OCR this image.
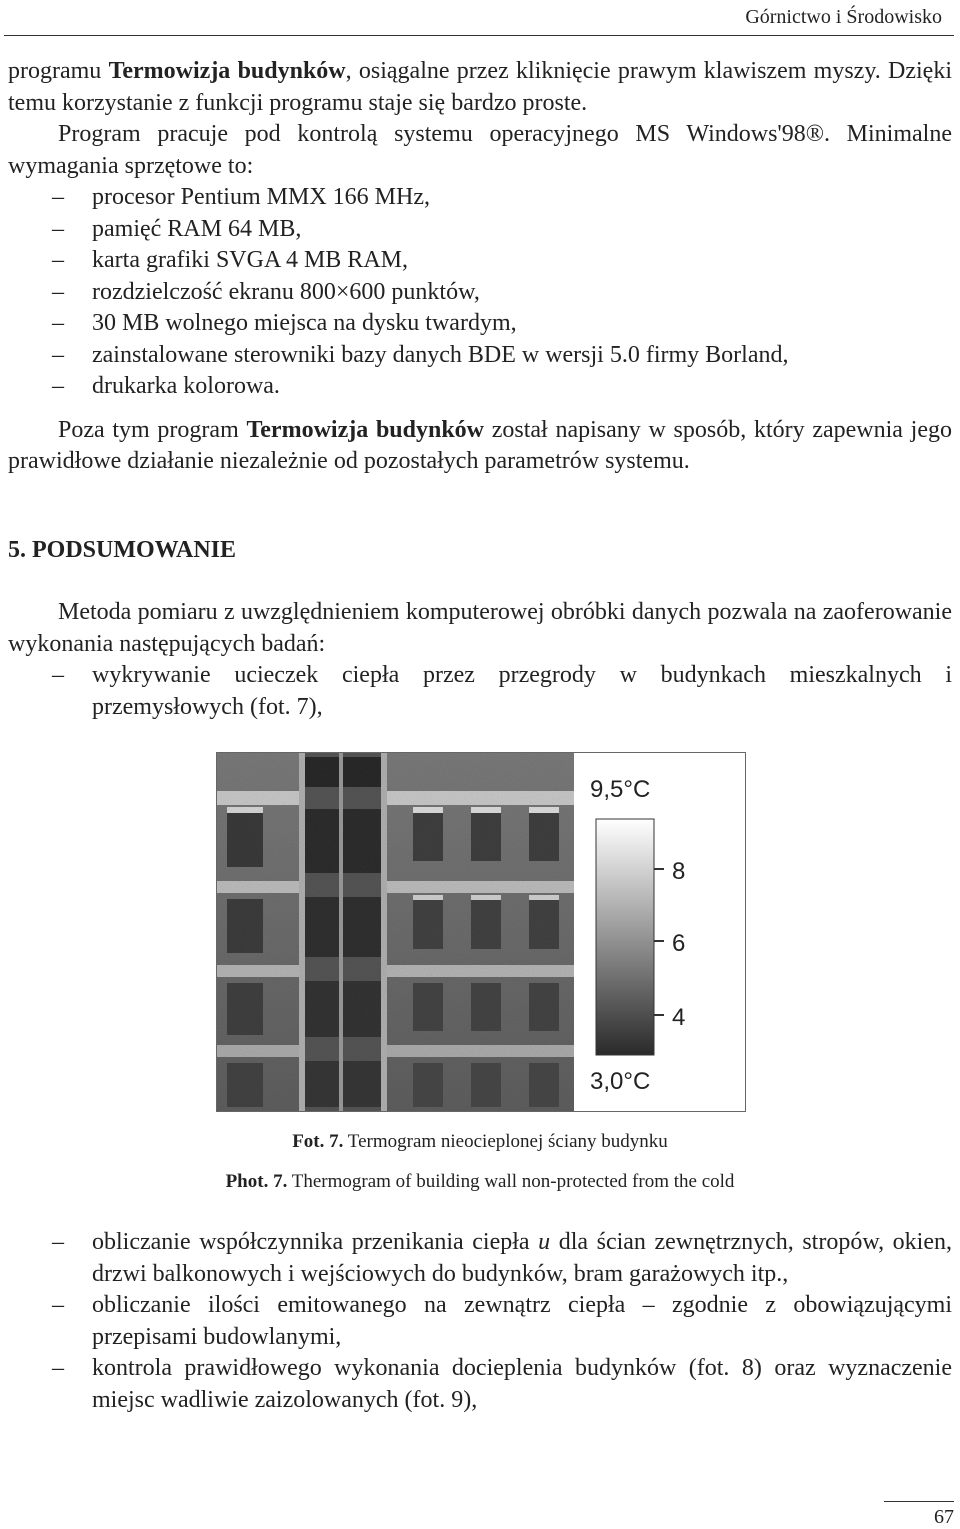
Górnictwo i Środowisko

programu Termowizja budynków, osiągalne przez kliknięcie prawym klawiszem myszy. Dzięki temu korzystanie z funkcji programu staje się bardzo proste.

Program pracuje pod kontrolą systemu operacyjnego MS Windows'98®. Minimalne wymagania sprzętowe to:

– procesor Pentium MMX 166 MHz,
– pamięć RAM 64 MB,
– karta grafiki SVGA 4 MB RAM,
– rozdzielczość ekranu 800×600 punktów,
– 30 MB wolnego miejsca na dysku twardym,
– zainstalowane sterowniki bazy danych BDE w wersji 5.0 firmy Borland,
– drukarka kolorowa.

Poza tym program Termowizja budynków został napisany w sposób, który zapewnia jego prawidłowe działanie niezależnie od pozostałych parametrów systemu.

5. PODSUMOWANIE

Metoda pomiaru z uwzględnieniem komputerowej obróbki danych pozwala na zaoferowanie wykonania następujących badań:

– wykrywanie ucieczek ciepła przez przegrody w budynkach mieszkalnych i przemysłowych (fot. 7),
9,5°C
8
6
4
3,0°C
Fot. 7. Termogram nieocieplonej ściany budynku
Phot. 7. Thermogram of building wall non-protected from the cold
– obliczanie współczynnika przenikania ciepła u dla ścian zewnętrznych, stropów, okien, drzwi balkonowych i wejściowych do budynków, bram garażowych itp.,
– obliczanie ilości emitowanego na zewnątrz ciepła – zgodnie z obowiązującymi przepisami budowlanymi,
– kontrola prawidłowego wykonania docieplenia budynków (fot. 8) oraz wyznaczenie miejsc wadliwie zaizolowanych (fot. 9),
67
